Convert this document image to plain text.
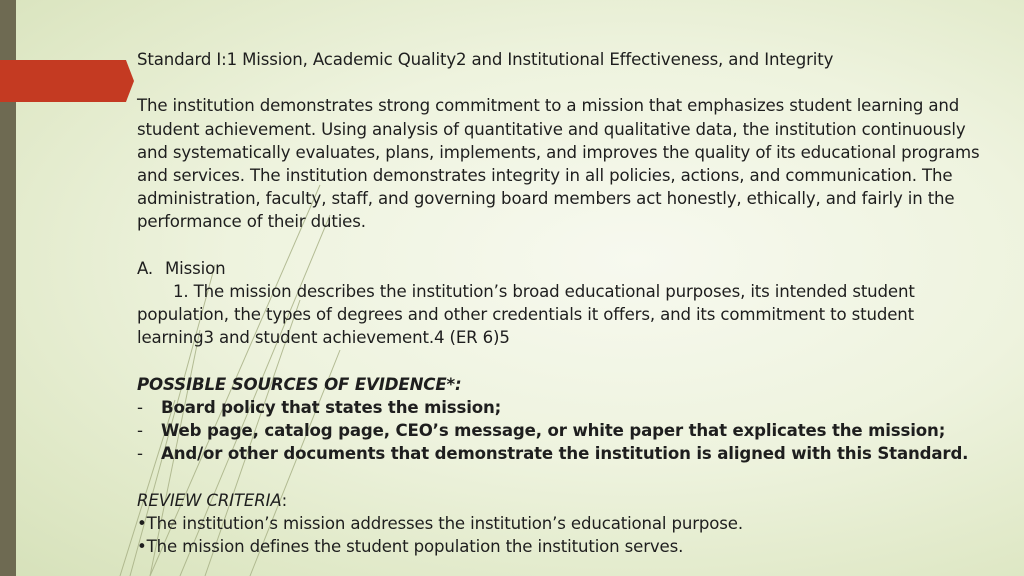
Standard I:1 Mission, Academic Quality2 and Institutional Effectiveness, and Integrity

The institution demonstrates strong commitment to a mission that emphasizes student learning and student achievement. Using analysis of quantitative and qualitative data, the institution continuously and systematically evaluates, plans, implements, and improves the quality of its educational programs and services. The institution demonstrates integrity in all policies, actions, and communication. The administration, faculty, staff, and governing board members act honestly, ethically, and fairly in the performance of their duties.

A. Mission

1. The mission describes the institution’s broad educational purposes, its intended student population, the types of degrees and other credentials it offers, and its commitment to student learning3 and student achievement.4 (ER 6)5

POSSIBLE SOURCES OF EVIDENCE*:

-	Board policy that states the mission;
-	Web page, catalog page, CEO’s message, or white paper that explicates the mission;
-	And/or other documents that demonstrate the institution is aligned with this Standard.

REVIEW CRITERIA:

•The institution’s mission addresses the institution’s educational purpose.

•The mission defines the student population the institution serves.
